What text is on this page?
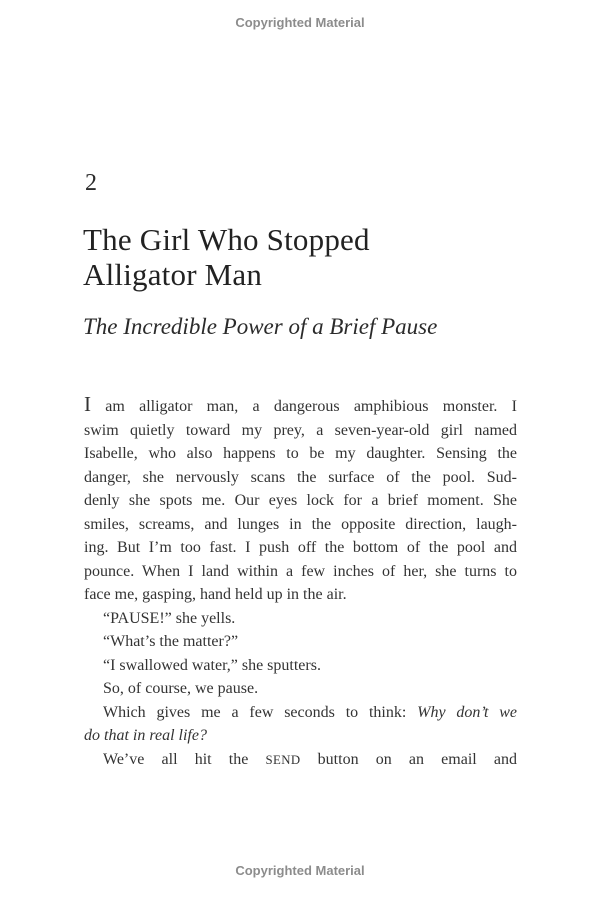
Copyrighted Material
2
The Girl Who Stopped
Alligator Man
The Incredible Power of a Brief Pause
I am alligator man, a dangerous amphibious monster. I
swim quietly toward my prey, a seven-year-old girl named
Isabelle, who also happens to be my daughter. Sensing the
danger, she nervously scans the surface of the pool. Sud-
denly she spots me. Our eyes lock for a brief moment. She
smiles, screams, and lunges in the opposite direction, laugh-
ing. But I’m too fast. I push off the bottom of the pool and
pounce. When I land within a few inches of her, she turns to
face me, gasping, hand held up in the air.
“PAUSE!” she yells.
“What’s the matter?”
“I swallowed water,” she sputters.
So, of course, we pause.
Which gives me a few seconds to think: Why don’t we
do that in real life?
We’ve all hit the SEND button on an email and
Copyrighted Material
